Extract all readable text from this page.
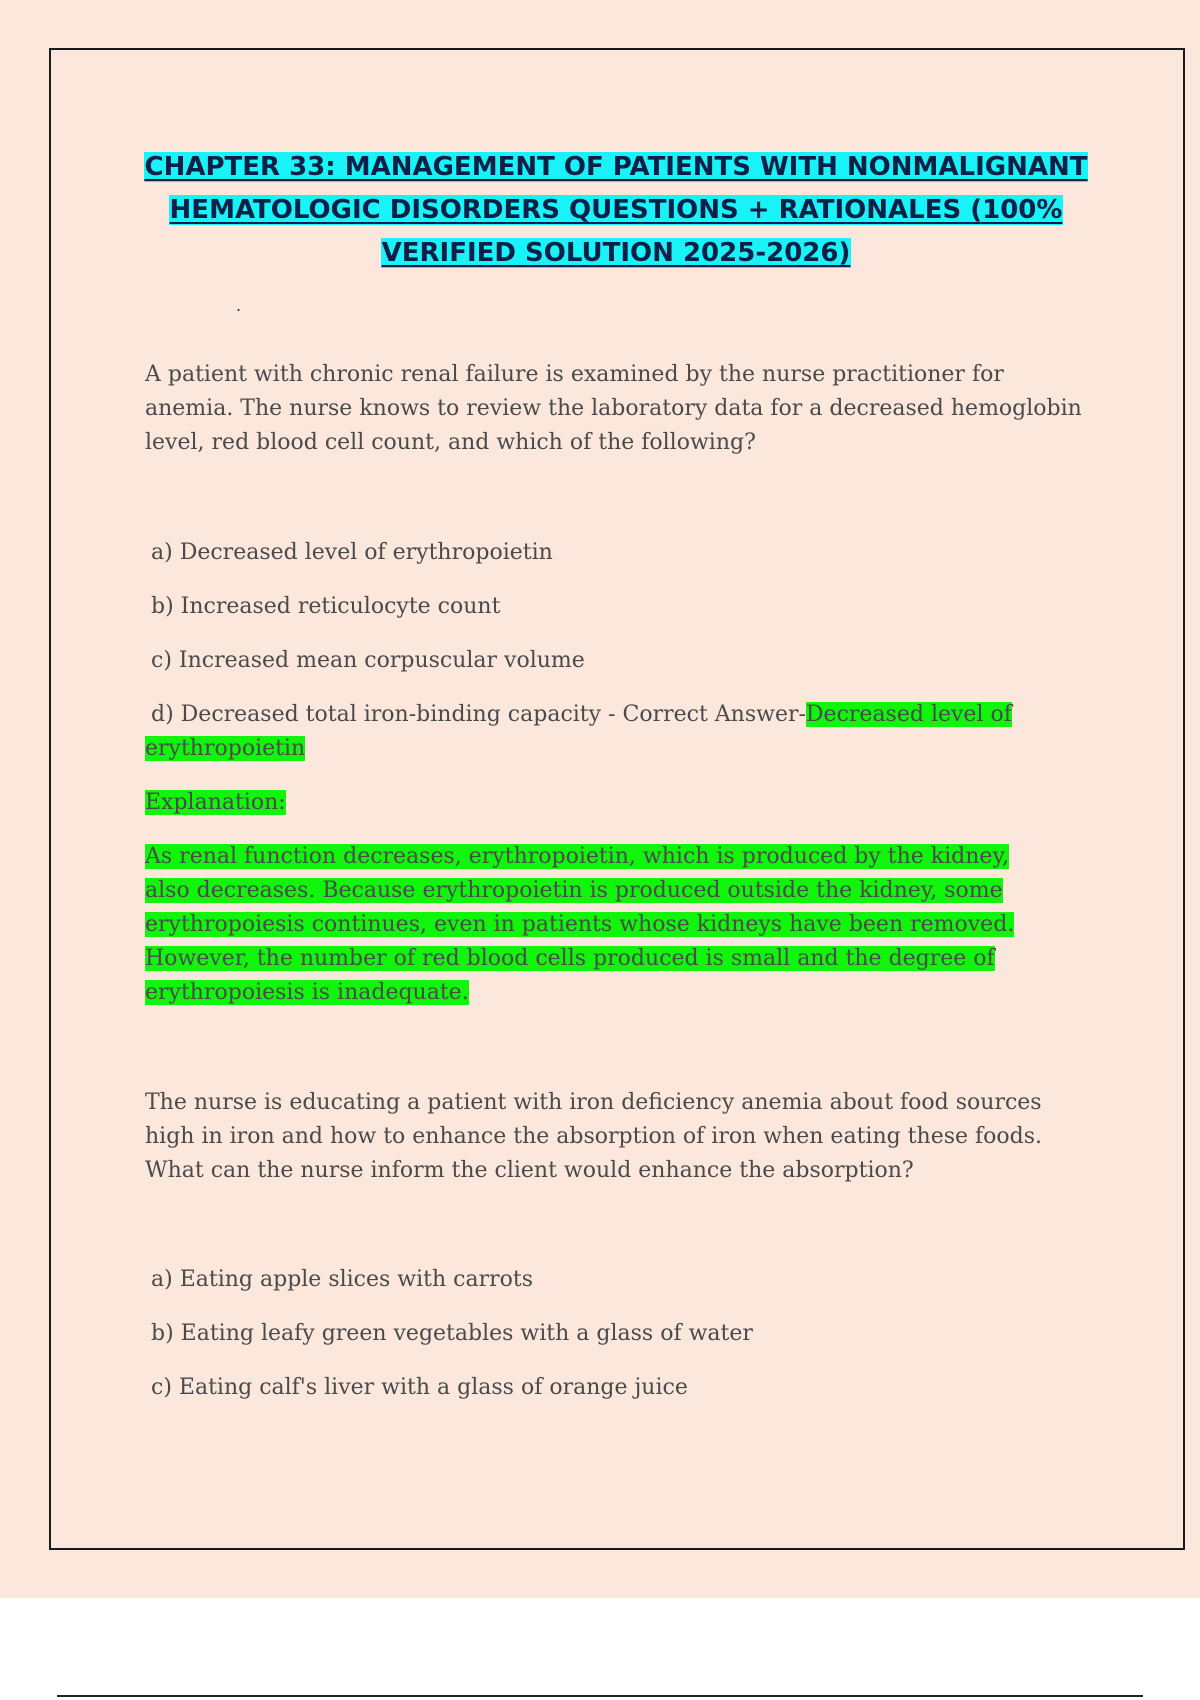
CHAPTER 33: MANAGEMENT OF PATIENTS WITH NONMALIGNANT HEMATOLOGIC DISORDERS QUESTIONS + RATIONALES (100% VERIFIED SOLUTION 2025-2026)
.

A patient with chronic renal failure is examined by the nurse practitioner for anemia. The nurse knows to review the laboratory data for a decreased hemoglobin level, red blood cell count, and which of the following?

a) Decreased level of erythropoietin

b) Increased reticulocyte count

c) Increased mean corpuscular volume

d) Decreased total iron-binding capacity - Correct Answer-Decreased level of erythropoietin

Explanation:

As renal function decreases, erythropoietin, which is produced by the kidney, also decreases. Because erythropoietin is produced outside the kidney, some erythropoiesis continues, even in patients whose kidneys have been removed. However, the number of red blood cells produced is small and the degree of erythropoiesis is inadequate.

The nurse is educating a patient with iron deficiency anemia about food sources high in iron and how to enhance the absorption of iron when eating these foods. What can the nurse inform the client would enhance the absorption?

a) Eating apple slices with carrots

b) Eating leafy green vegetables with a glass of water

c) Eating calf's liver with a glass of orange juice
